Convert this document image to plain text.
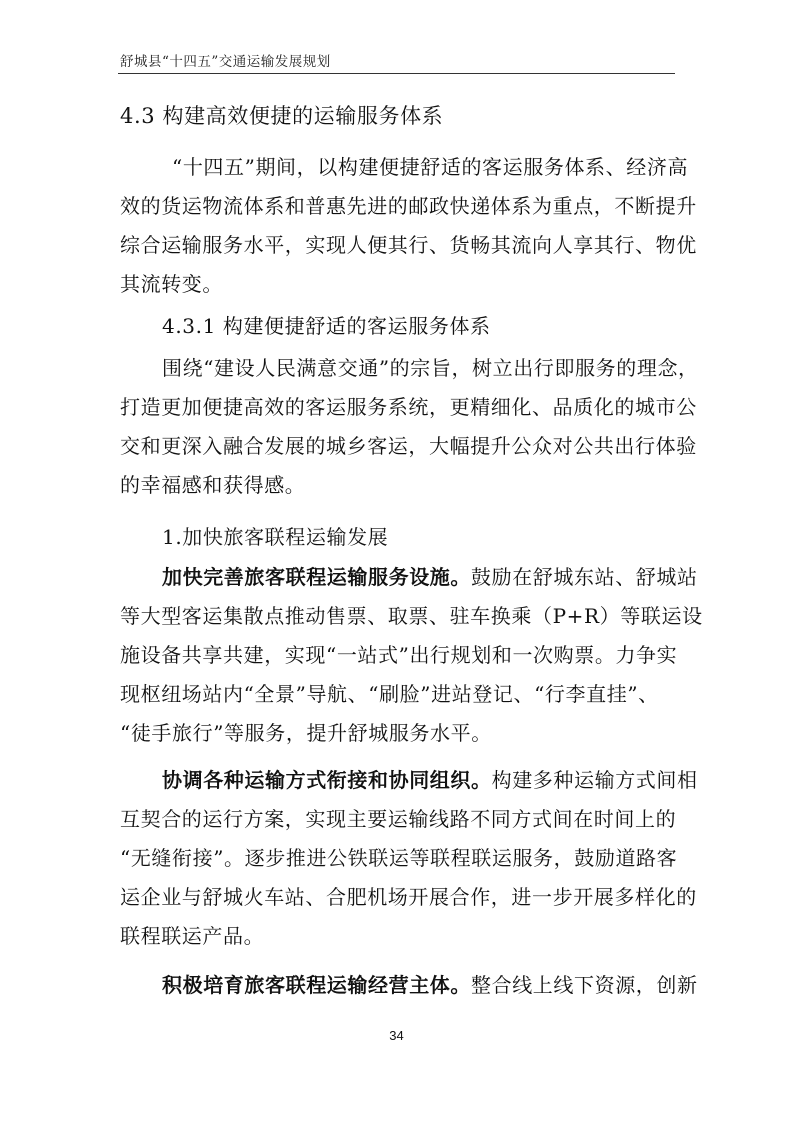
舒城县“十四五”交通运输发展规划
4.3 构建高效便捷的运输服务体系
“十四五”期间，以构建便捷舒适的客运服务体系、经济高
效的货运物流体系和普惠先进的邮政快递体系为重点，不断提升
综合运输服务水平，实现人便其行、货畅其流向人享其行、物优
其流转变。
4.3.1 构建便捷舒适的客运服务体系
围绕“建设人民满意交通”的宗旨，树立出行即服务的理念，
打造更加便捷高效的客运服务系统，更精细化、品质化的城市公
交和更深入融合发展的城乡客运，大幅提升公众对公共出行体验
的幸福感和获得感。
1.加快旅客联程运输发展
加快完善旅客联程运输服务设施。鼓励在舒城东站、舒城站
等大型客运集散点推动售票、取票、驻车换乘（P+R）等联运设
施设备共享共建，实现“一站式”出行规划和一次购票。力争实
现枢纽场站内“全景”导航、“刷脸”进站登记、“行李直挂”、
“徒手旅行”等服务，提升舒城服务水平。
协调各种运输方式衔接和协同组织。构建多种运输方式间相
互契合的运行方案，实现主要运输线路不同方式间在时间上的
“无缝衔接”。逐步推进公铁联运等联程联运服务，鼓励道路客
运企业与舒城火车站、合肥机场开展合作，进一步开展多样化的
联程联运产品。
积极培育旅客联程运输经营主体。整合线上线下资源，创新
34
